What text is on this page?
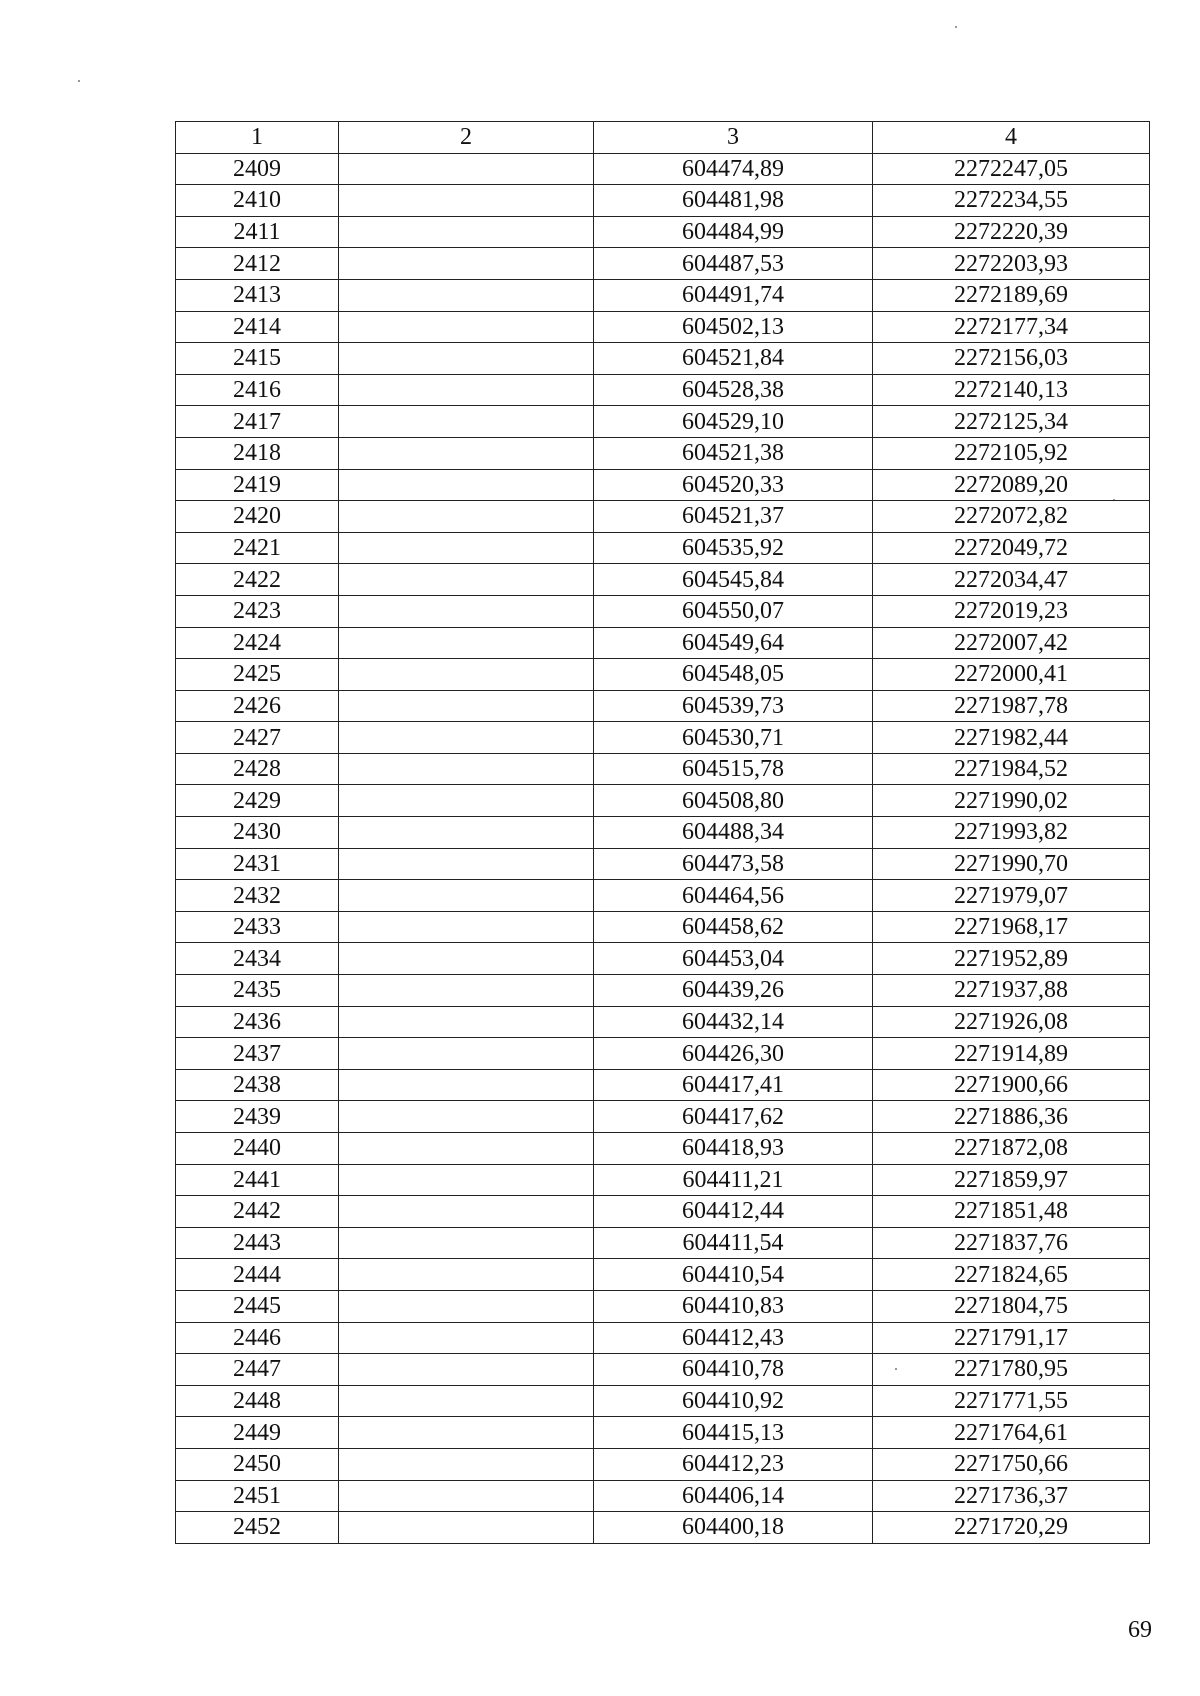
1	2	3	4
2409		604474,89	2272247,05
2410		604481,98	2272234,55
2411		604484,99	2272220,39
2412		604487,53	2272203,93
2413		604491,74	2272189,69
2414		604502,13	2272177,34
2415		604521,84	2272156,03
2416		604528,38	2272140,13
2417		604529,10	2272125,34
2418		604521,38	2272105,92
2419		604520,33	2272089,20
2420		604521,37	2272072,82
2421		604535,92	2272049,72
2422		604545,84	2272034,47
2423		604550,07	2272019,23
2424		604549,64	2272007,42
2425		604548,05	2272000,41
2426		604539,73	2271987,78
2427		604530,71	2271982,44
2428		604515,78	2271984,52
2429		604508,80	2271990,02
2430		604488,34	2271993,82
2431		604473,58	2271990,70
2432		604464,56	2271979,07
2433		604458,62	2271968,17
2434		604453,04	2271952,89
2435		604439,26	2271937,88
2436		604432,14	2271926,08
2437		604426,30	2271914,89
2438		604417,41	2271900,66
2439		604417,62	2271886,36
2440		604418,93	2271872,08
2441		604411,21	2271859,97
2442		604412,44	2271851,48
2443		604411,54	2271837,76
2444		604410,54	2271824,65
2445		604410,83	2271804,75
2446		604412,43	2271791,17
2447		604410,78	2271780,95
2448		604410,92	2271771,55
2449		604415,13	2271764,61
2450		604412,23	2271750,66
2451		604406,14	2271736,37
2452		604400,18	2271720,29
69
